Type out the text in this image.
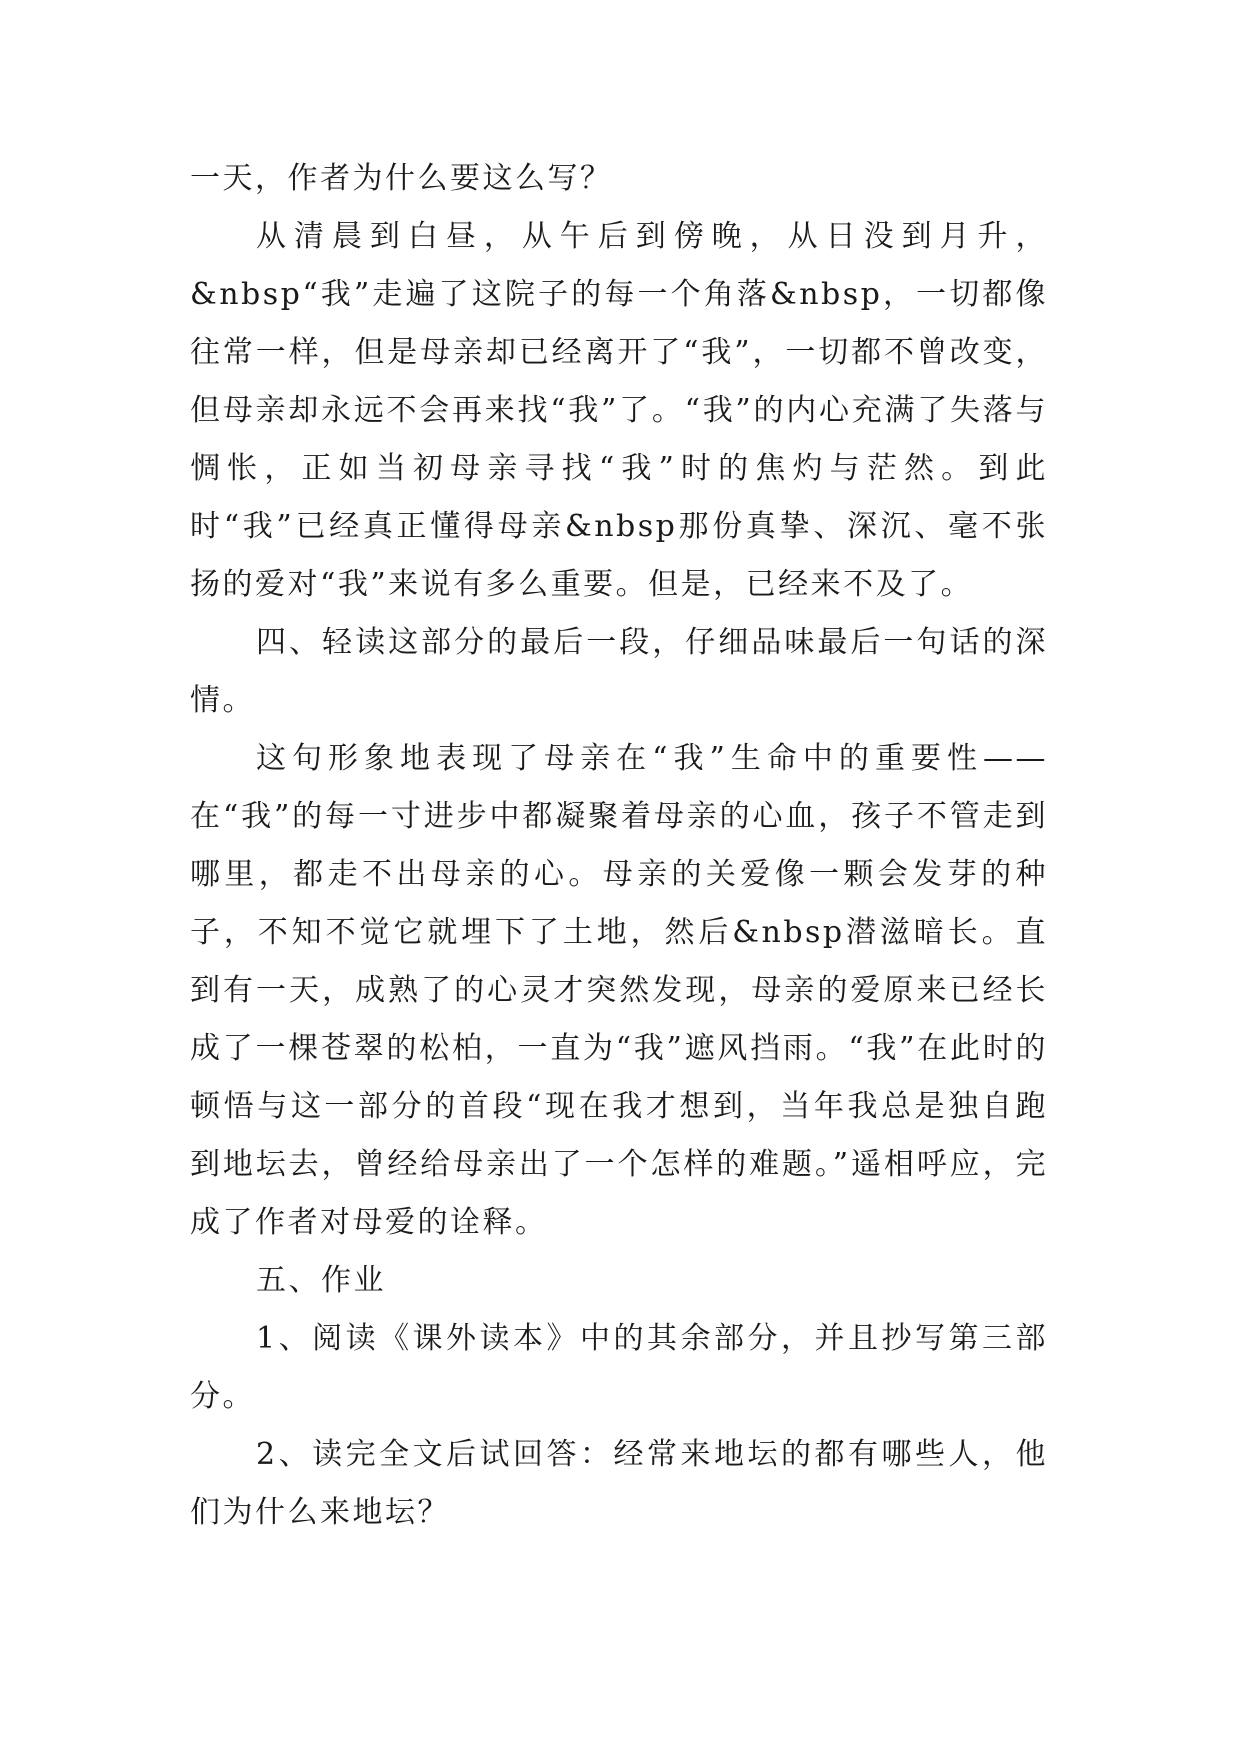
一天，作者为什么要这么写？

从清晨到白昼，从午后到傍晚，从日没到月升，&nbsp“我”走遍了这院子的每一个角落&nbsp，一切都像往常一样，但是母亲却已经离开了“我”，一切都不曾改变，但母亲却永远不会再来找“我”了。“我”的内心充满了失落与惆怅，正如当初母亲寻找“我”时的焦灼与茫然。到此时“我”已经真正懂得母亲&nbsp那份真挚、深沉、毫不张扬的爱对“我”来说有多么重要。但是，已经来不及了。

四、轻读这部分的最后一段，仔细品味最后一句话的深情。

这句形象地表现了母亲在“我”生命中的重要性——在“我”的每一寸进步中都凝聚着母亲的心血，孩子不管走到哪里，都走不出母亲的心。母亲的关爱像一颗会发芽的种子，不知不觉它就埋下了土地，然后&nbsp潜滋暗长。直到有一天，成熟了的心灵才突然发现，母亲的爱原来已经长成了一棵苍翠的松柏，一直为“我”遮风挡雨。“我”在此时的顿悟与这一部分的首段“现在我才想到，当年我总是独自跑到地坛去，曾经给母亲出了一个怎样的难题。”遥相呼应，完成了作者对母爱的诠释。

五、作业

1、阅读《课外读本》中的其余部分，并且抄写第三部分。

2、读完全文后试回答：经常来地坛的都有哪些人，他们为什么来地坛？
